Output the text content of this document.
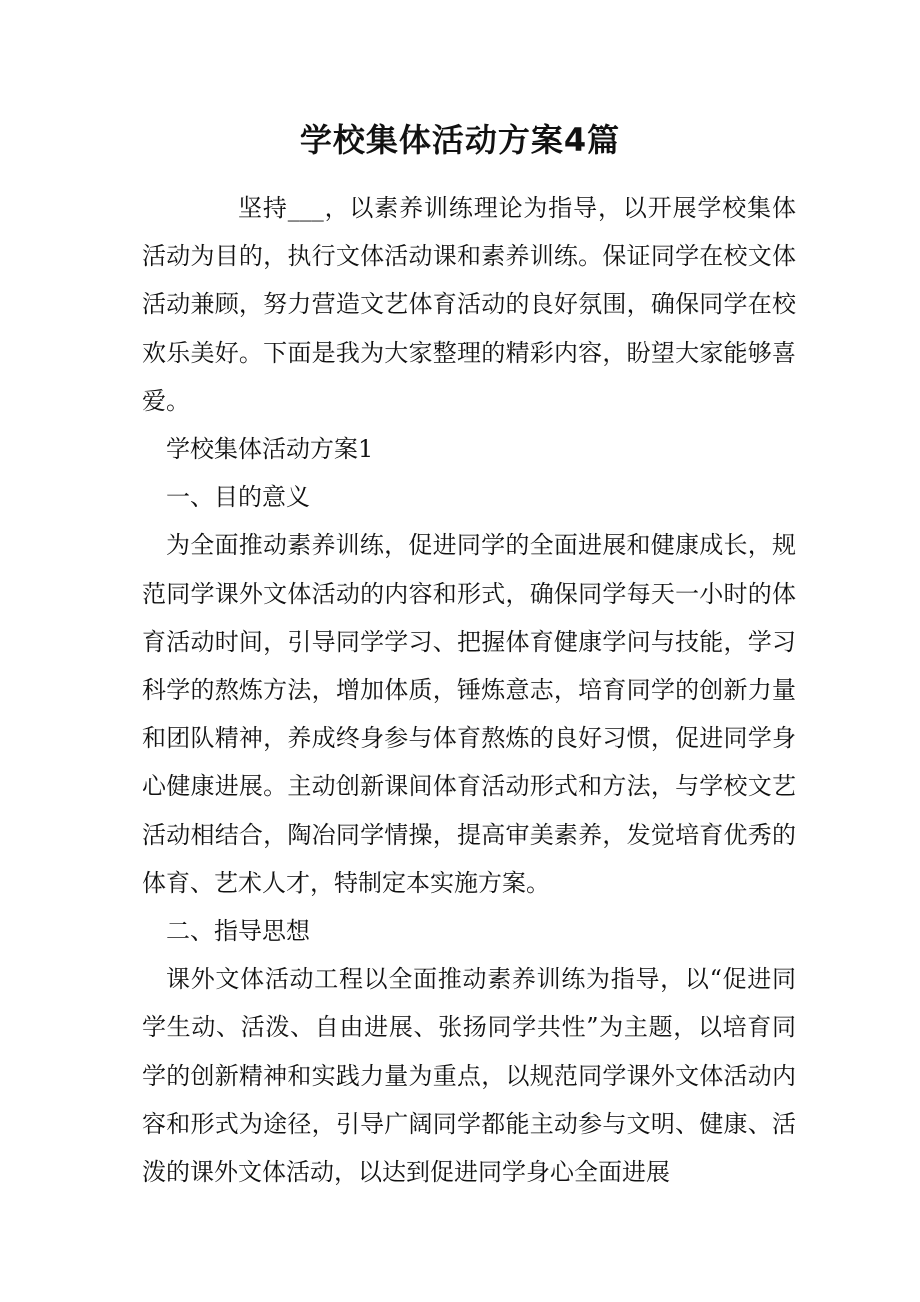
学校集体活动方案4篇

坚持___，以素养训练理论为指导，以开展学校集体活动为目的，执行文体活动课和素养训练。保证同学在校文体活动兼顾，努力营造文艺体育活动的良好氛围，确保同学在校欢乐美好。下面是我为大家整理的精彩内容，盼望大家能够喜爱。

学校集体活动方案1

一、目的意义

为全面推动素养训练，促进同学的全面进展和健康成长，规范同学课外文体活动的内容和形式，确保同学每天一小时的体育活动时间，引导同学学习、把握体育健康学问与技能，学习科学的熬炼方法，增加体质，锤炼意志，培育同学的创新力量和团队精神，养成终身参与体育熬炼的良好习惯，促进同学身心健康进展。主动创新课间体育活动形式和方法，与学校文艺活动相结合，陶冶同学情操，提高审美素养，发觉培育优秀的体育、艺术人才，特制定本实施方案。

二、指导思想

课外文体活动工程以全面推动素养训练为指导，以“促进同学生动、活泼、自由进展、张扬同学共性”为主题，以培育同学的创新精神和实践力量为重点，以规范同学课外文体活动内容和形式为途径，引导广阔同学都能主动参与文明、健康、活泼的课外文体活动，以达到促进同学身心全面进展
